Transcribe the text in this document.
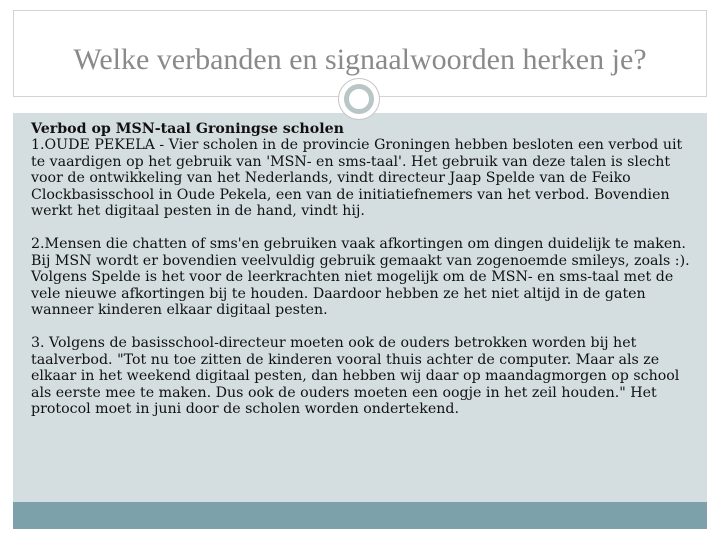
Welke verbanden en signaalwoorden herken je?

Verbod op MSN-taal Groningse scholen

1.OUDE PEKELA - Vier scholen in de provincie Groningen hebben besloten een verbod uit te vaardigen op het gebruik van 'MSN- en sms-taal'. Het gebruik van deze talen is slecht voor de ontwikkeling van het Nederlands, vindt directeur Jaap Spelde van de Feiko Clockbasisschool in Oude Pekela, een van de initiatiefnemers van het verbod. Bovendien werkt het digitaal pesten in de hand, vindt hij.

2.Mensen die chatten of sms'en gebruiken vaak afkortingen om dingen duidelijk te maken. Bij MSN wordt er bovendien veelvuldig gebruik gemaakt van zogenoemde smileys, zoals :).

Volgens Spelde is het voor de leerkrachten niet mogelijk om de MSN- en sms-taal met de vele nieuwe afkortingen bij te houden. Daardoor hebben ze het niet altijd in de gaten wanneer kinderen elkaar digitaal pesten.

3. Volgens de basisschool-directeur moeten ook de ouders betrokken worden bij het taalverbod. "Tot nu toe zitten de kinderen vooral thuis achter de computer. Maar als ze elkaar in het weekend digitaal pesten, dan hebben wij daar op maandagmorgen op school als eerste mee te maken. Dus ook de ouders moeten een oogje in het zeil houden." Het protocol moet in juni door de scholen worden ondertekend.
